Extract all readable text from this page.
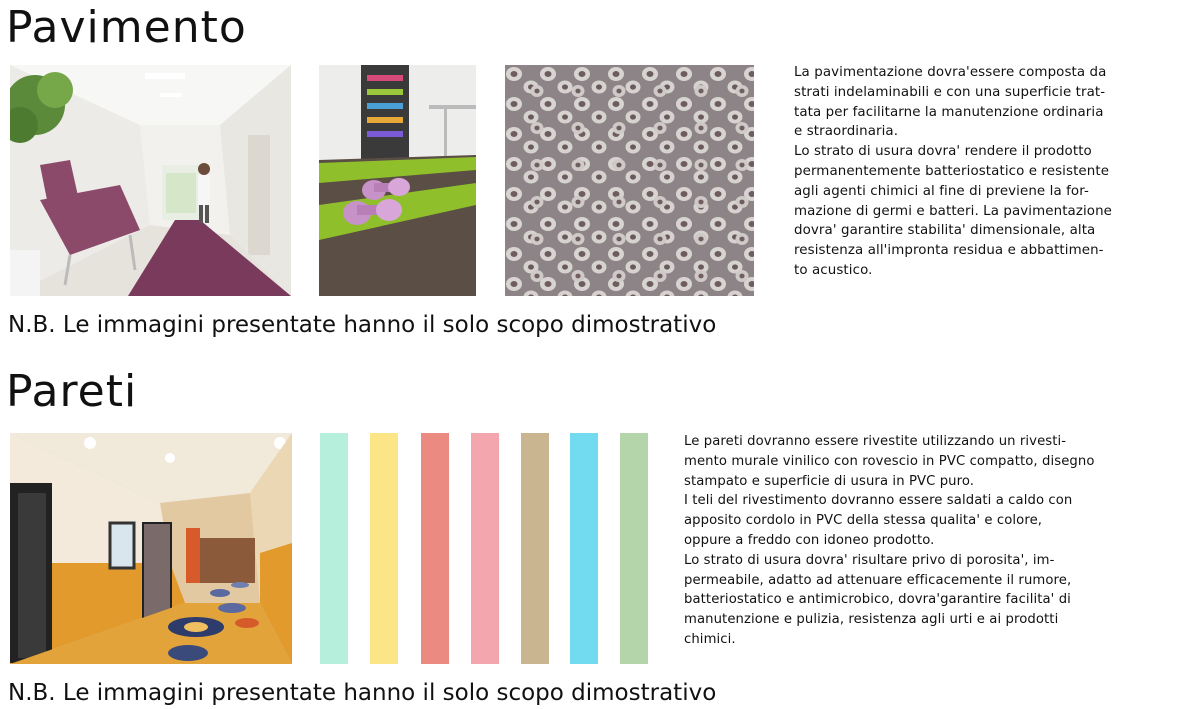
Pavimento
La pavimentazione dovra'essere composta da
strati indelaminabili e con una superficie trat-
tata per facilitarne la manutenzione ordinaria
e straordinaria.
Lo strato di usura dovra' rendere il prodotto
permanentemente batteriostatico e resistente
agli agenti chimici al fine di previene la for-
mazione di germi e batteri. La pavimentazione
dovra' garantire stabilita' dimensionale, alta
resistenza all'impronta residua e abbattimen-
to acustico.
N.B. Le immagini presentate hanno il solo scopo dimostrativo
Pareti
Le pareti dovranno essere rivestite utilizzando un rivesti-
mento murale vinilico con rovescio in PVC compatto, disegno
stampato e superficie di usura in PVC puro.
I teli del rivestimento dovranno essere saldati a caldo con
apposito cordolo in PVC della stessa qualita' e colore,
oppure a freddo con idoneo prodotto.
Lo strato di usura dovra' risultare privo di porosita', im-
permeabile, adatto ad attenuare efficacemente il rumore,
batteriostatico e antimicrobico, dovra'garantire facilita' di
manutenzione e pulizia, resistenza agli urti e ai prodotti
chimici.
N.B. Le immagini presentate hanno il solo scopo dimostrativo
